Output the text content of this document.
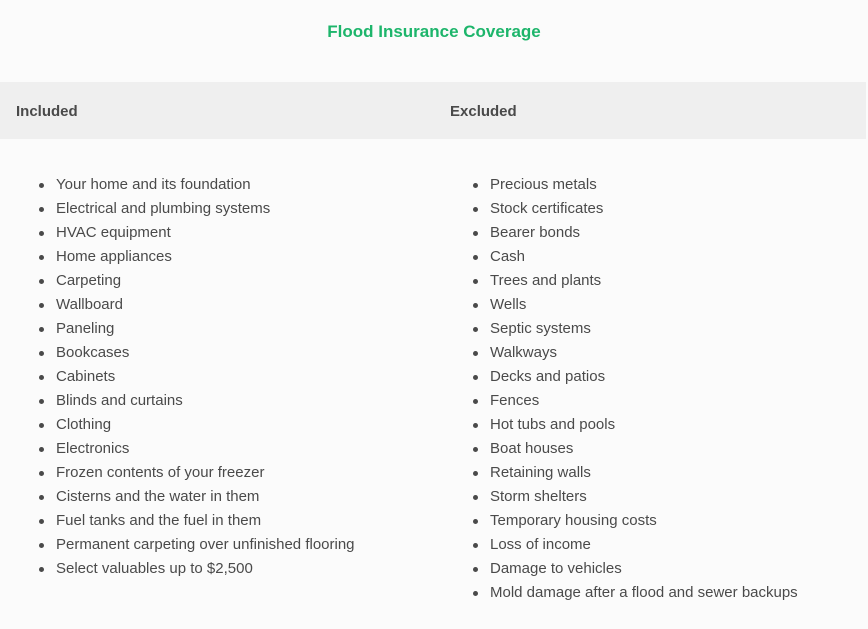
Flood Insurance Coverage
Included	Excluded
Your home and its foundation
Electrical and plumbing systems
HVAC equipment
Home appliances
Carpeting
Wallboard
Paneling
Bookcases
Cabinets
Blinds and curtains
Clothing
Electronics
Frozen contents of your freezer
Cisterns and the water in them
Fuel tanks and the fuel in them
Permanent carpeting over unfinished flooring
Select valuables up to $2,500
Precious metals
Stock certificates
Bearer bonds
Cash
Trees and plants
Wells
Septic systems
Walkways
Decks and patios
Fences
Hot tubs and pools
Boat houses
Retaining walls
Storm shelters
Temporary housing costs
Loss of income
Damage to vehicles
Mold damage after a flood and sewer backups
